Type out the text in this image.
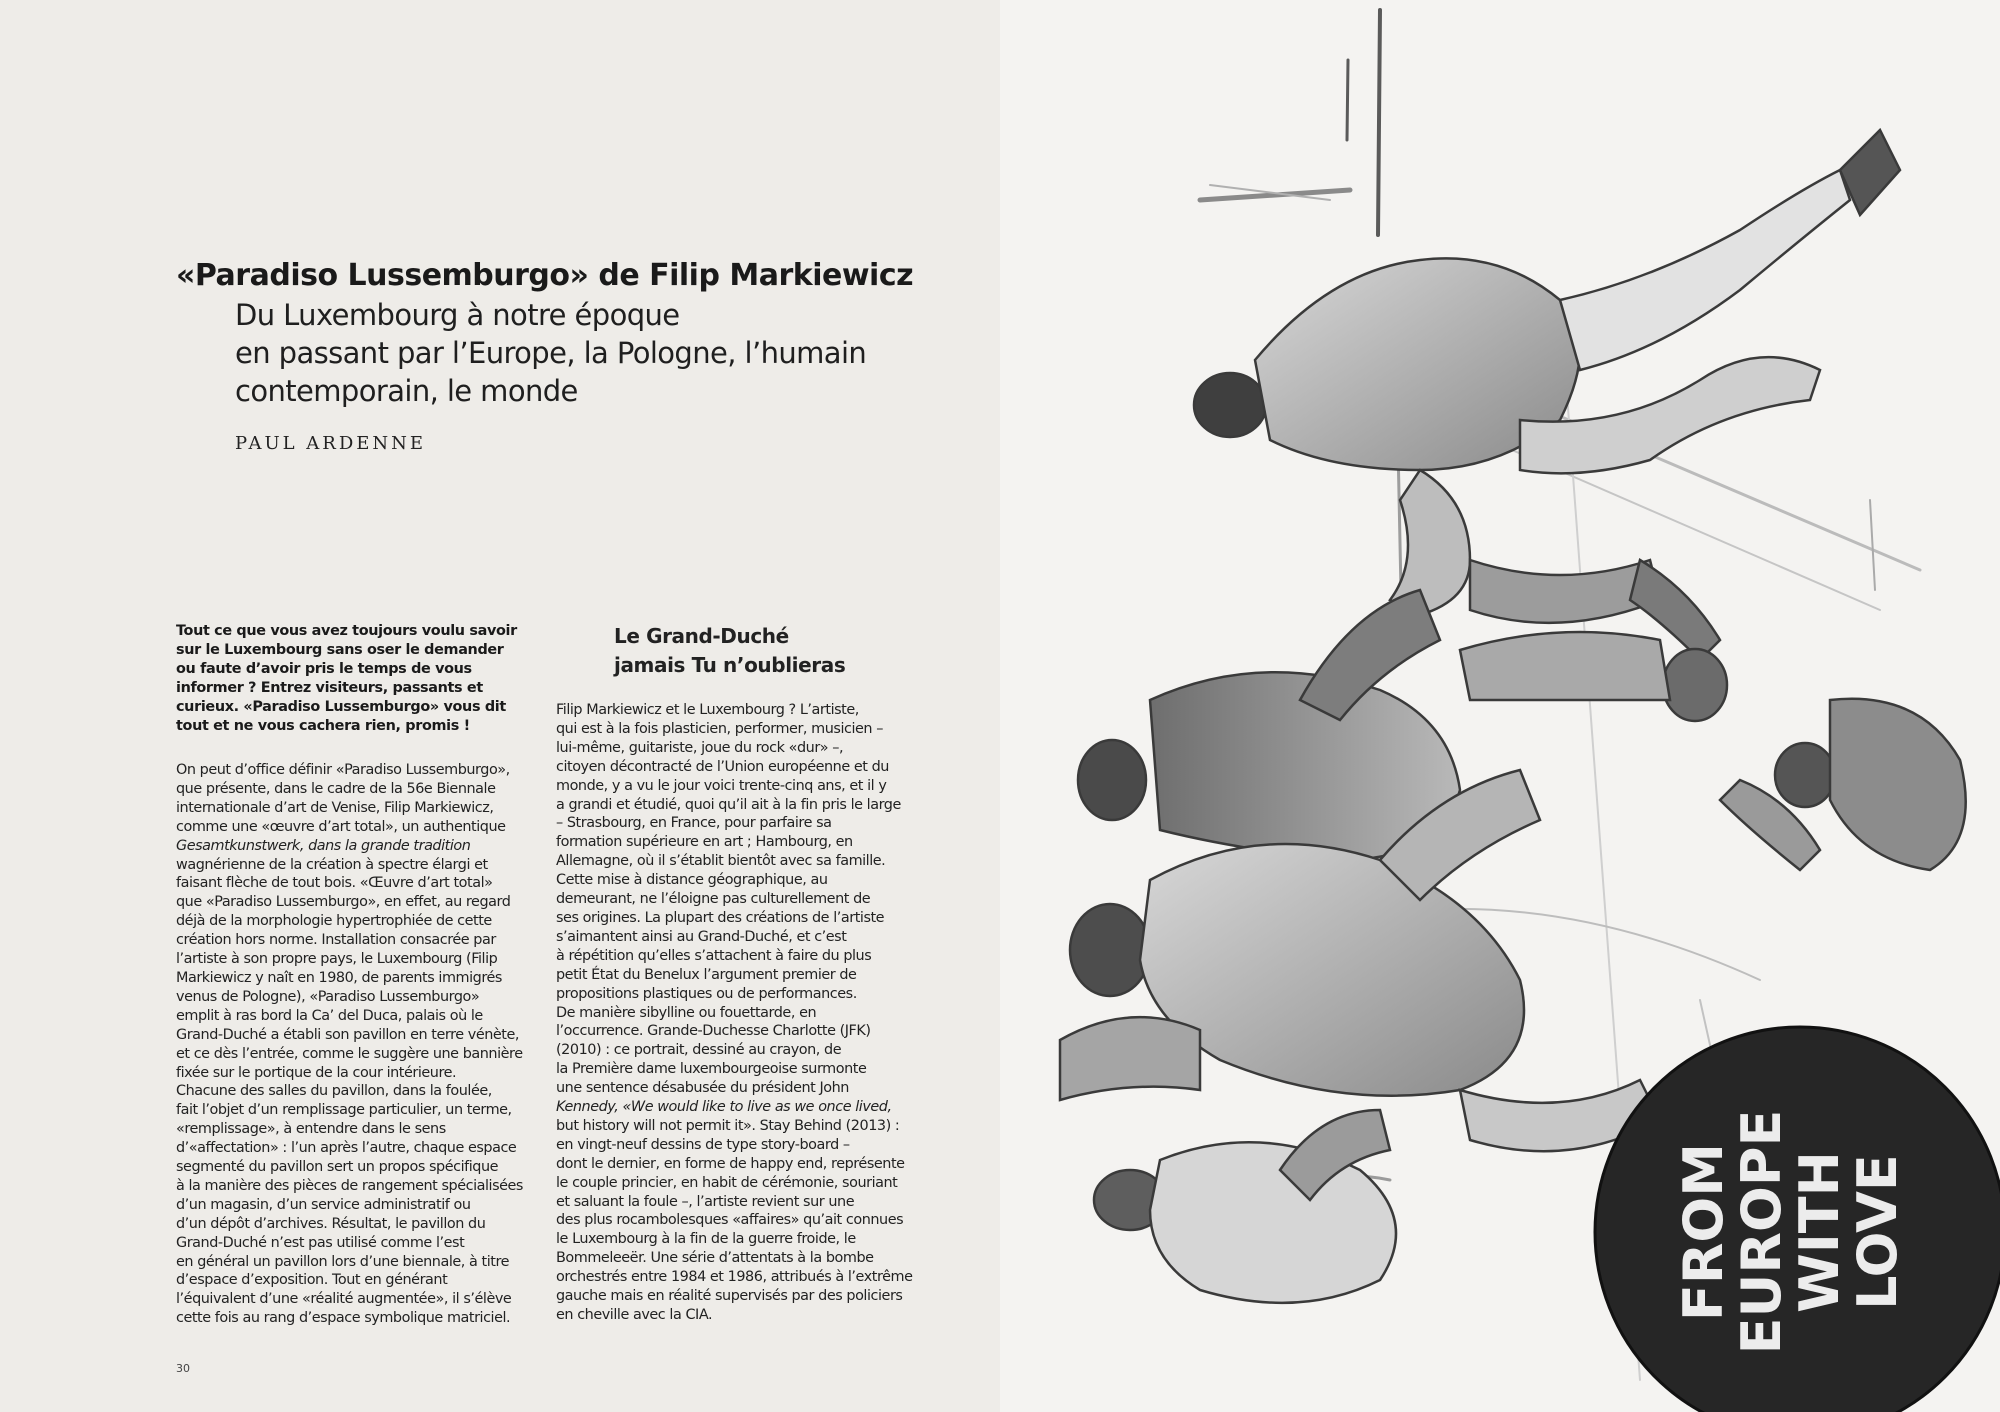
«Paradiso Lussemburgo» de Filip Markiewicz
Du Luxembourg à notre époque
en passant par l’Europe, la Pologne, l’humain
contemporain, le monde

PAUL ARDENNE

Tout ce que vous avez toujours voulu savoir
sur le Luxembourg sans oser le demander
ou faute d’avoir pris le temps de vous
informer ? Entrez visiteurs, passants et
curieux. «Paradiso Lussemburgo» vous dit
tout et ne vous cachera rien, promis !

On peut d’office définir «Paradiso Lussemburgo»,
que présente, dans le cadre de la 56e Biennale
internationale d’art de Venise, Filip Markiewicz,
comme une «œuvre d’art total», un authentique
Gesamtkunstwerk, dans la grande tradition
wagnérienne de la création à spectre élargi et
faisant flèche de tout bois. «Œuvre d’art total»
que «Paradiso Lussemburgo», en effet, au regard
déjà de la morphologie hypertrophiée de cette
création hors norme. Installation consacrée par
l’artiste à son propre pays, le Luxembourg (Filip
Markiewicz y naît en 1980, de parents immigrés
venus de Pologne), «Paradiso Lussemburgo»
emplit à ras bord la Ca’ del Duca, palais où le
Grand-Duché a établi son pavillon en terre vénète,
et ce dès l’entrée, comme le suggère une bannière
fixée sur le portique de la cour intérieure.
Chacune des salles du pavillon, dans la foulée,
fait l’objet d’un remplissage particulier, un terme,
«remplissage», à entendre dans le sens
d’«affectation» : l’un après l’autre, chaque espace
segmenté du pavillon sert un propos spécifique
à la manière des pièces de rangement spécialisées
d’un magasin, d’un service administratif ou
d’un dépôt d’archives. Résultat, le pavillon du
Grand-Duché n’est pas utilisé comme l’est
en général un pavillon lors d’une biennale, à titre
d’espace d’exposition. Tout en générant
l’équivalent d’une «réalité augmentée», il s’élève
cette fois au rang d’espace symbolique matriciel.

Le Grand-Duché
jamais Tu n’oublieras

Filip Markiewicz et le Luxembourg ? L’artiste,
qui est à la fois plasticien, performer, musicien –
lui-même, guitariste, joue du rock «dur» –,
citoyen décontracté de l’Union européenne et du
monde, y a vu le jour voici trente-cinq ans, et il y
a grandi et étudié, quoi qu’il ait à la fin pris le large
– Strasbourg, en France, pour parfaire sa
formation supérieure en art ; Hambourg, en
Allemagne, où il s’établit bientôt avec sa famille.
Cette mise à distance géographique, au
demeurant, ne l’éloigne pas culturellement de
ses origines. La plupart des créations de l’artiste
s’aimantent ainsi au Grand-Duché, et c’est
à répétition qu’elles s’attachent à faire du plus
petit État du Benelux l’argument premier de
propositions plastiques ou de performances.
De manière sibylline ou fouettarde, en
l’occurrence. Grande-Duchesse Charlotte (JFK)
(2010) : ce portrait, dessiné au crayon, de
la Première dame luxembourgeoise surmonte
une sentence désabusée du président John
Kennedy, «We would like to live as we once lived,
but history will not permit it». Stay Behind (2013) :
en vingt-neuf dessins de type story-board –
dont le dernier, en forme de happy end, représente
le couple princier, en habit de cérémonie, souriant
et saluant la foule –, l’artiste revient sur une
des plus rocambolesques «affaires» qu’ait connues
le Luxembourg à la fin de la guerre froide, le
Bommeleeër. Une série d’attentats à la bombe
orchestrés entre 1984 et 1986, attribués à l’extrême
gauche mais en réalité supervisés par des policiers
en cheville avec la CIA.

30
FROM
EUROPE
WITH
LOVE
